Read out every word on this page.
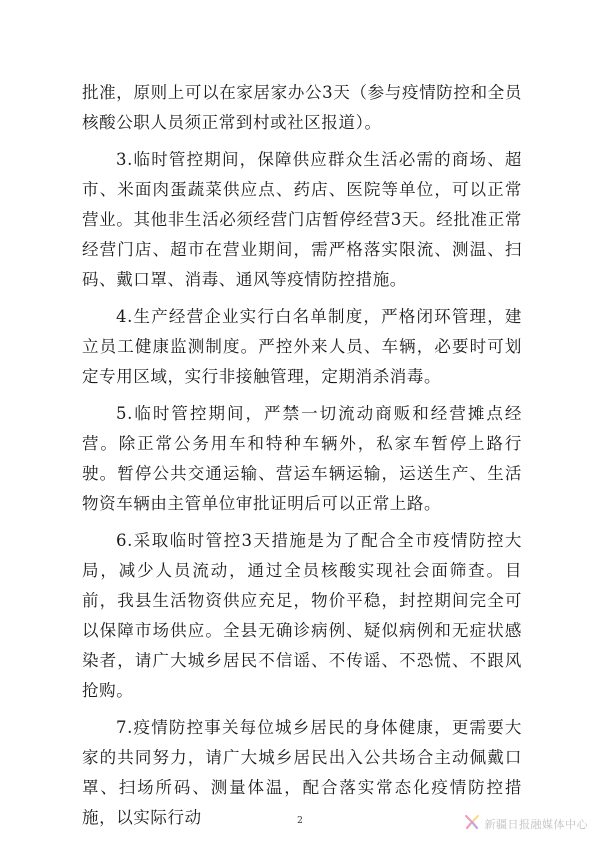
批准，原则上可以在家居家办公3天（参与疫情防控和全员核酸公职人员须正常到村或社区报道）。

3.临时管控期间，保障供应群众生活必需的商场、超市、米面肉蛋蔬菜供应点、药店、医院等单位，可以正常营业。其他非生活必须经营门店暂停经营3天。经批准正常经营门店、超市在营业期间，需严格落实限流、测温、扫码、戴口罩、消毒、通风等疫情防控措施。

4.生产经营企业实行白名单制度，严格闭环管理，建立员工健康监测制度。严控外来人员、车辆，必要时可划定专用区域，实行非接触管理，定期消杀消毒。

5.临时管控期间，严禁一切流动商贩和经营摊点经营。除正常公务用车和特种车辆外，私家车暂停上路行驶。暂停公共交通运输、营运车辆运输，运送生产、生活物资车辆由主管单位审批证明后可以正常上路。

6.采取临时管控3天措施是为了配合全市疫情防控大局，减少人员流动，通过全员核酸实现社会面筛查。目前，我县生活物资供应充足，物价平稳，封控期间完全可以保障市场供应。全县无确诊病例、疑似病例和无症状感染者，请广大城乡居民不信谣、不传谣、不恐慌、不跟风抢购。

7.疫情防控事关每位城乡居民的身体健康，更需要大家的共同努力，请广大城乡居民出入公共场合主动佩戴口罩、扫场所码、测量体温，配合落实常态化疫情防控措施，以实际行动	2	新疆日报融媒体中心
